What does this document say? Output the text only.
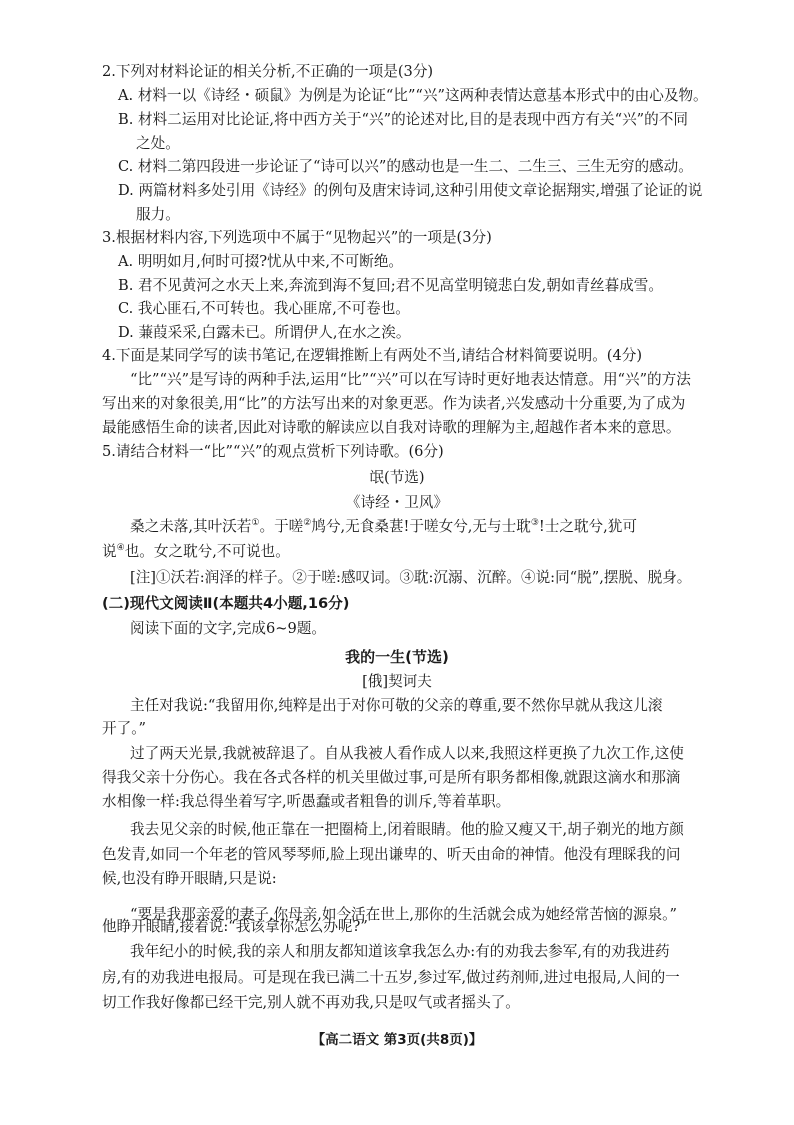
2.下列对材料论证的相关分析,不正确的一项是(3分)
A. 材料一以《诗经・硕鼠》为例是为论证“比”“兴”这两种表情达意基本形式中的由心及物。
B. 材料二运用对比论证,将中西方关于“兴”的论述对比,目的是表现中西方有关“兴”的不同
之处。
C. 材料二第四段进一步论证了“诗可以兴”的感动也是一生二、二生三、三生无穷的感动。
D. 两篇材料多处引用《诗经》的例句及唐宋诗词,这种引用使文章论据翔实,增强了论证的说
服力。
3.根据材料内容,下列选项中不属于“见物起兴”的一项是(3分)
A. 明明如月,何时可掇?忧从中来,不可断绝。
B. 君不见黄河之水天上来,奔流到海不复回;君不见高堂明镜悲白发,朝如青丝暮成雪。
C. 我心匪石,不可转也。我心匪席,不可卷也。
D. 蒹葭采采,白露未已。所谓伊人,在水之涘。
4.下面是某同学写的读书笔记,在逻辑推断上有两处不当,请结合材料简要说明。(4分)
“比”“兴”是写诗的两种手法,运用“比”“兴”可以在写诗时更好地表达情意。用“兴”的方法
写出来的对象很美,用“比”的方法写出来的对象更恶。作为读者,兴发感动十分重要,为了成为
最能感悟生命的读者,因此对诗歌的解读应以自我对诗歌的理解为主,超越作者本来的意思。
5.请结合材料一“比”“兴”的观点赏析下列诗歌。(6分)
氓(节选)
《诗经・卫风》
桑之未落,其叶沃若①。于嗟②鸠兮,无食桑葚!于嗟女兮,无与士耽③!士之耽兮,犹可
说④也。女之耽兮,不可说也。
[注]①沃若:润泽的样子。②于嗟:感叹词。③耽:沉溺、沉醉。④说:同“脱”,摆脱、脱身。
(二)现代文阅读Ⅱ(本题共4小题,16分)
阅读下面的文字,完成6~9题。
我的一生(节选)
[俄]契诃夫
主任对我说:“我留用你,纯粹是出于对你可敬的父亲的尊重,要不然你早就从我这儿滚
开了。”
过了两天光景,我就被辞退了。自从我被人看作成人以来,我照这样更换了九次工作,这使
得我父亲十分伤心。我在各式各样的机关里做过事,可是所有职务都相像,就跟这滴水和那滴
水相像一样:我总得坐着写字,听愚蠢或者粗鲁的训斥,等着革职。
我去见父亲的时候,他正靠在一把圈椅上,闭着眼睛。他的脸又瘦又干,胡子剃光的地方颜
色发青,如同一个年老的管风琴琴师,脸上现出谦卑的、听天由命的神情。他没有理睬我的问
候,也没有睁开眼睛,只是说:
“要是我那亲爱的妻子,你母亲,如今活在世上,那你的生活就会成为她经常苦恼的源泉。”
他睁开眼睛,接着说:“我该拿你怎么办呢?”
我年纪小的时候,我的亲人和朋友都知道该拿我怎么办:有的劝我去参军,有的劝我进药
房,有的劝我进电报局。可是现在我已满二十五岁,参过军,做过药剂师,进过电报局,人间的一
切工作我好像都已经干完,别人就不再劝我,只是叹气或者摇头了。
【高二语文 第3页(共8页)】
